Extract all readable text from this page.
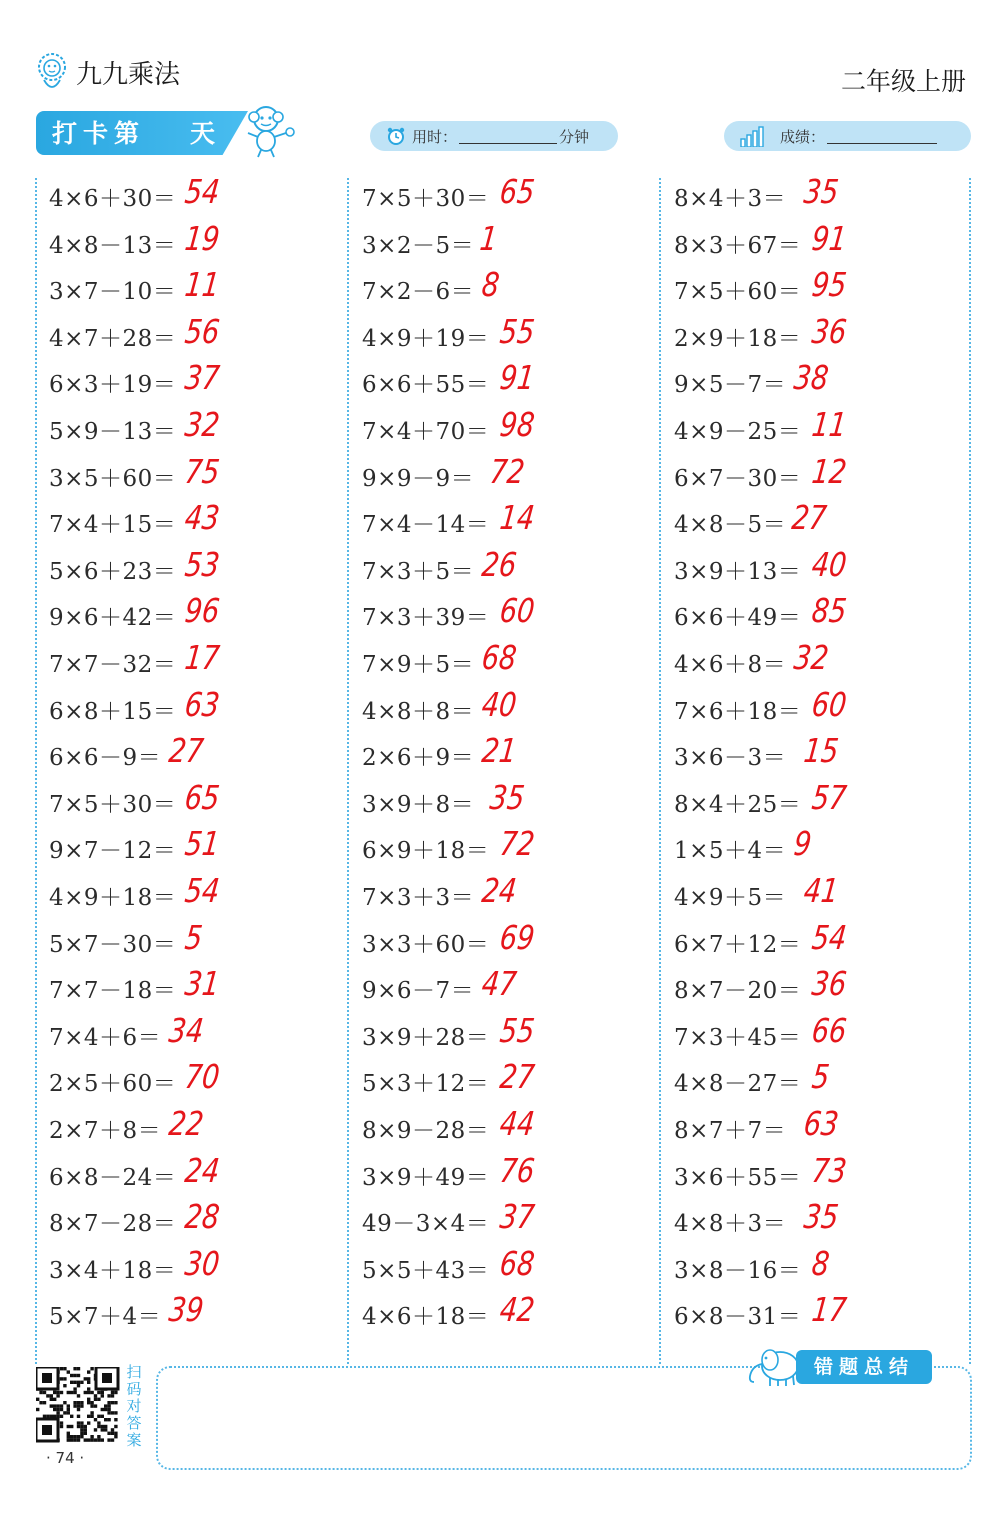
九九乘法	二年级上册
打卡第 天	用时：	分钟	成绩：
4×6＋30＝ 54
4×8－13＝ 19
3×7－10＝ 11
4×7＋28＝ 56
6×3＋19＝ 37
5×9－13＝ 32
3×5＋60＝ 75
7×4＋15＝ 43
5×6＋23＝ 53
9×6＋42＝ 96
7×7－32＝ 17
6×8＋15＝ 63
6×6－9＝ 27
7×5＋30＝ 65
9×7－12＝ 51
4×9＋18＝ 54
5×7－30＝ 5
7×7－18＝ 31
7×4＋6＝ 34
2×5＋60＝ 70
2×7＋8＝ 22
6×8－24＝ 24
8×7－28＝ 28
3×4＋18＝ 30
5×7＋4＝ 39
7×5＋30＝ 65
3×2－5＝ 1
7×2－6＝ 8
4×9＋19＝ 55
6×6＋55＝ 91
7×4＋70＝ 98
9×9－9＝ 72
7×4－14＝ 14
7×3＋5＝ 26
7×3＋39＝ 60
7×9＋5＝ 68
4×8＋8＝ 40
2×6＋9＝ 21
3×9＋8＝ 35
6×9＋18＝ 72
7×3＋3＝ 24
3×3＋60＝ 69
9×6－7＝ 47
3×9＋28＝ 55
5×3＋12＝ 27
8×9－28＝ 44
3×9＋49＝ 76
49－3×4＝ 37
5×5＋43＝ 68
4×6＋18＝ 42
8×4＋3＝ 35
8×3＋67＝ 91
7×5＋60＝ 95
2×9＋18＝ 36
9×5－7＝ 38
4×9－25＝ 11
6×7－30＝ 12
4×8－5＝ 27
3×9＋13＝ 40
6×6＋49＝ 85
4×6＋8＝ 32
7×6＋18＝ 60
3×6－3＝ 15
8×4＋25＝ 57
1×5＋4＝ 9
4×9＋5＝ 41
6×7＋12＝ 54
8×7－20＝ 36
7×3＋45＝ 66
4×8－27＝ 5
8×7＋7＝ 63
3×6＋55＝ 73
4×8＋3＝ 35
3×8－16＝ 8
6×8－31＝ 17
扫码对答案
· 74 ·
错题总结
